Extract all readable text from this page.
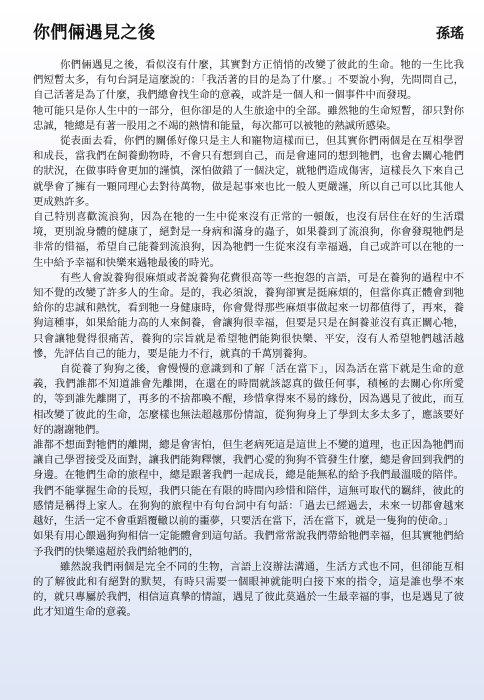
你們倆遇見之後	孫瑤

你們倆遇見之後，看似沒有什麼，其實對方正悄悄的改變了彼此的生命。牠的一生比我們短暫太多，有句台詞是這麼說的：「我活著的目的是為了什麼。」不要說小狗，先問問自己，自己活著是為了什麼，我們總會找生命的意義，或許是一個人和一個事件中而發現。

牠可能只是你人生中的一部分，但你卻是的人生旅途中的全部。雖然牠的生命短暫，卻只對你忠誠，牠總是有著一股用之不竭的熱情和能量，每次都可以被牠的熱誠所感染。

從表面去看，你們的關係好像只是主人和寵物這樣而已，但其實你們兩個是在互相學習和成長，當我們在飼養動物時，不會只有想到自己，而是會連同的想到牠們，也會去關心牠們的狀況，在做事時會更加的謹慎，深怕做錯了一個決定，就牠們造成傷害，這樣長久下來自己就學會了擁有一顆同理心去對待萬物，做是起事來也比一般人更嚴謹，所以自己可以比其他人更成熟許多。

自己特別喜歡流浪狗，因為在牠的一生中從來沒有正常的一頓飯，也沒有居住在好的生活環境，更別說身體的健康了，絕對是一身病和滿身的蟲子，如果養到了流浪狗，你會發現牠們是非常的惜福，希望自己能養到流浪狗，因為牠們一生從來沒有幸福過，自己或許可以在牠的一生中給予幸福和快樂來過牠最後的時光。

有些人會說養狗很麻煩或者說養狗花費很高等一些抱怨的言語，可是在養狗的過程中不知不覺的改變了許多人的生命。是的，我必須說，養狗卻實是挺麻煩的，但當你真正體會到牠給你的忠誠和熱忱，看到牠一身健康時，你會覺得那些麻煩事做起來一切都值得了，再來，養狗這種事，如果給能力高的人來飼養，會讓狗很幸福，但要是只是在飼養並沒有真正關心牠，只會讓牠覺得很痛苦，養狗的宗旨就是希望牠們能夠很快樂、平安，沒有人希望牠們越活越慘，先評估自己的能力，要是能力不行，就真的千萬別養狗。

自從養了狗狗之後，會慢慢的意識到和了解「活在當下」，因為活在當下就是生命的意義，我們誰都不知道誰會先離開，在還在的時間就該認真的做任何事，積極的去關心你所愛的，等到誰先離開了，再多的不捨都喚不醒，珍惜拿得來不易的緣份，因為遇見了彼此，而互相改變了彼此的生命，怎麼樣也無法超越那份情誼，從狗狗身上了學到太多太多了，應該要好好的謝謝牠們。

誰都不想面對牠們的離開，總是會害怕，但生老病死這是這世上不變的道理，也正因為牠們而讓自己學習接受及面對，讓我們能夠釋懷，我們心愛的狗狗不管發生什麼，總是會回到我們的身邊。在牠們生命的旅程中，總是跟著我們一起成長，總是能無私的給予我們最溫暖的陪伴。我們不能掌握生命的長短，我們只能在有限的時間內珍惜和陪伴，這無可取代的羈絆，彼此的感情是稱得上家人。在狗狗的旅程中有句台詞中有句話：「過去已經過去，未來一切都會越來越好，生活一定不會重蹈覆轍以前的噩夢，只要活在當下，活在當下，就是一隻狗的使命。」

如果有用心餵過狗狗相信一定能體會到這句話。我們常常說我們帶給牠們幸福，但其實牠們給予我們的快樂遠超於我們給牠們的，

雖然說我們兩個是完全不同的生物，言語上沒辦法溝通，生活方式也不同，但卻能互相的了解彼此和有絕對的默契，有時只需要一個眼神就能明白接下來的指令，這是誰也學不來的，就只專屬於我們，相信這真摯的情誼，遇見了彼此莫過於一生最幸福的事，也是遇見了彼此才知道生命的意義。
